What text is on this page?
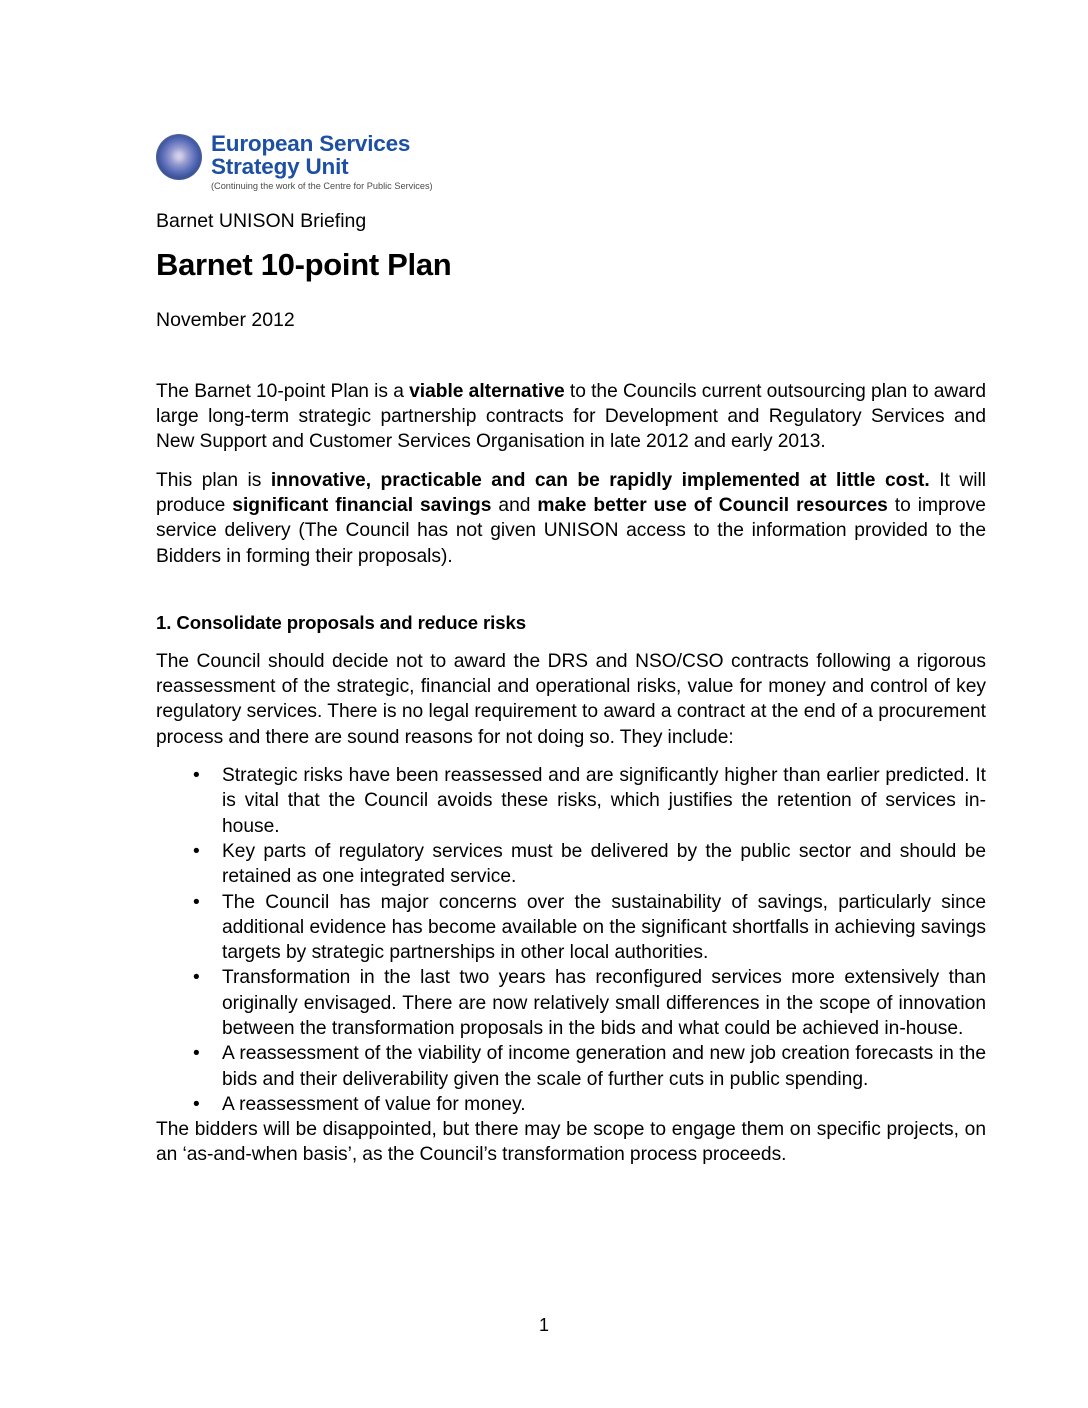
European Services
Strategy Unit
(Continuing the work of the Centre for Public Services)
Barnet UNISON Briefing
Barnet 10-point Plan
November 2012

The Barnet 10-point Plan is a viable alternative to the Councils current outsourcing plan to award large long-term strategic partnership contracts for Development and Regulatory Services and New Support and Customer Services Organisation in late 2012 and early 2013.

This plan is innovative, practicable and can be rapidly implemented at little cost. It will produce significant financial savings and make better use of Council resources to improve service delivery (The Council has not given UNISON access to the information provided to the Bidders in forming their proposals).

1. Consolidate proposals and reduce risks

The Council should decide not to award the DRS and NSO/CSO contracts following a rigorous reassessment of the strategic, financial and operational risks, value for money and control of key regulatory services. There is no legal requirement to award a contract at the end of a procurement process and there are sound reasons for not doing so. They include:

• Strategic risks have been reassessed and are significantly higher than earlier predicted. It is vital that the Council avoids these risks, which justifies the retention of services in-house.
• Key parts of regulatory services must be delivered by the public sector and should be retained as one integrated service.
• The Council has major concerns over the sustainability of savings, particularly since additional evidence has become available on the significant shortfalls in achieving savings targets by strategic partnerships in other local authorities.
• Transformation in the last two years has reconfigured services more extensively than originally envisaged. There are now relatively small differences in the scope of innovation between the transformation proposals in the bids and what could be achieved in-house.
• A reassessment of the viability of income generation and new job creation forecasts in the bids and their deliverability given the scale of further cuts in public spending.
• A reassessment of value for money.

The bidders will be disappointed, but there may be scope to engage them on specific projects, on an ‘as-and-when basis’, as the Council’s transformation process proceeds.

1
